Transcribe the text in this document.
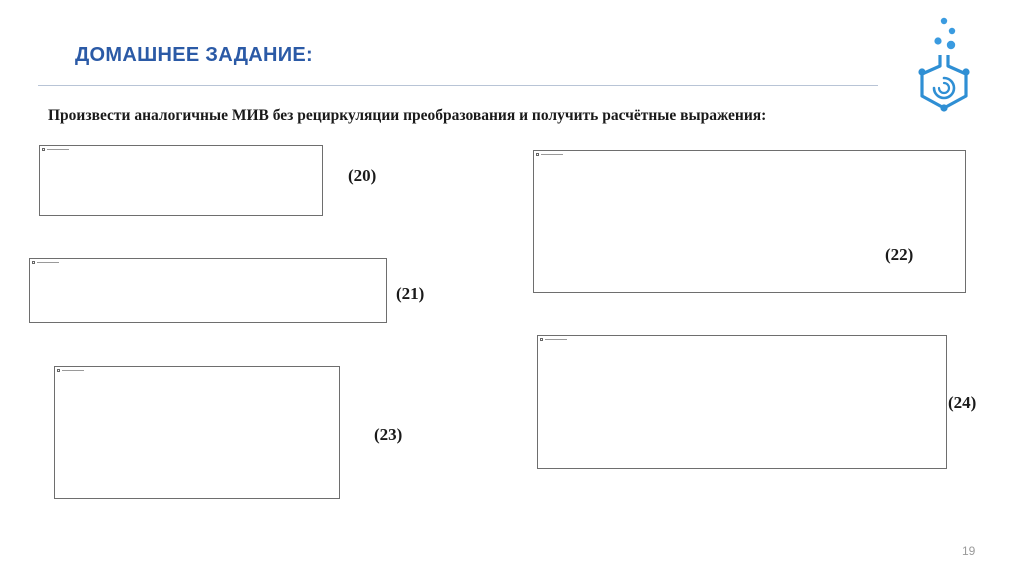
ДОМАШНЕЕ ЗАДАНИЕ:
Произвести аналогичные МИВ без рециркуляции преобразования и получить расчётные выражения:
(20)
(21)
(22)
(23)
(24)
19
